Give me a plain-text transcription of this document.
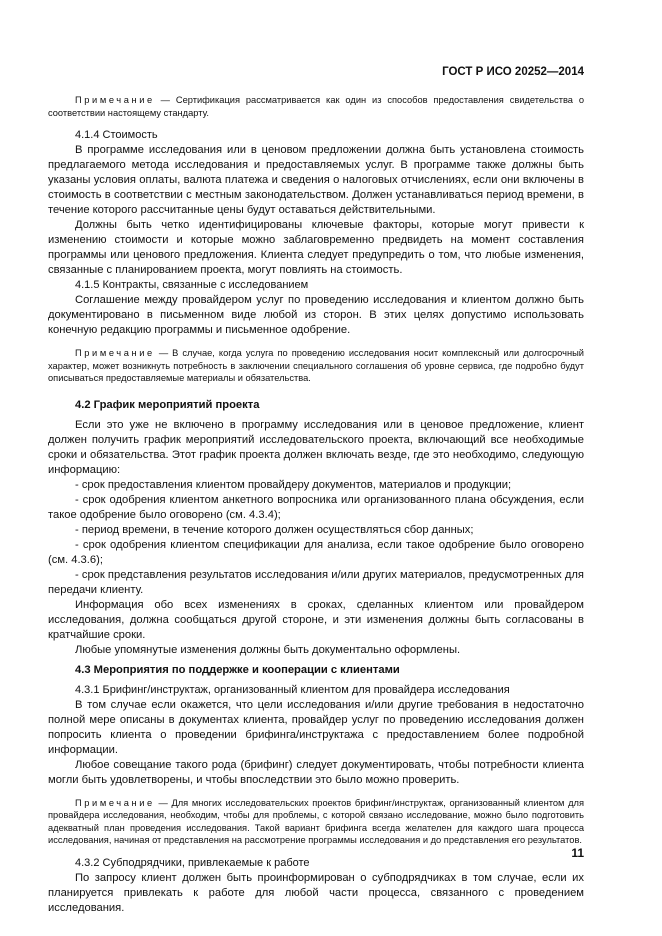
ГОСТ Р ИСО 20252—2014

Примечание — Сертификация рассматривается как один из способов предоставления свидетельства о соответствии настоящему стандарту.

4.1.4 Стоимость

В программе исследования или в ценовом предложении должна быть установлена стоимость предлагаемого метода исследования и предоставляемых услуг. В программе также должны быть указаны условия оплаты, валюта платежа и сведения о налоговых отчислениях, если они включены в стоимость в соответствии с местным законодательством. Должен устанавливаться период времени, в течение которого рассчитанные цены будут оставаться действительными.

Должны быть четко идентифицированы ключевые факторы, которые могут привести к изменению стоимости и которые можно заблаговременно предвидеть на момент составления программы или ценового предложения. Клиента следует предупредить о том, что любые изменения, связанные с планированием проекта, могут повлиять на стоимость.

4.1.5 Контракты, связанные с исследованием

Соглашение между провайдером услуг по проведению исследования и клиентом должно быть документировано в письменном виде любой из сторон. В этих целях допустимо использовать конечную редакцию программы и письменное одобрение.

Примечание — В случае, когда услуга по проведению исследования носит комплексный или долгосрочный характер, может возникнуть потребность в заключении специального соглашения об уровне сервиса, где подробно будут описываться предоставляемые материалы и обязательства.

4.2 График мероприятий проекта

Если это уже не включено в программу исследования или в ценовое предложение, клиент должен получить график мероприятий исследовательского проекта, включающий все необходимые сроки и обязательства. Этот график проекта должен включать везде, где это необходимо, следующую информацию:

- срок предоставления клиентом провайдеру документов, материалов и продукции;

- срок одобрения клиентом анкетного вопросника или организованного плана обсуждения, если такое одобрение было оговорено (см. 4.3.4);

- период времени, в течение которого должен осуществляться сбор данных;

- срок одобрения клиентом спецификации для анализа, если такое одобрение было оговорено (см. 4.3.6);

- срок представления результатов исследования и/или других материалов, предусмотренных для передачи клиенту.

Информация обо всех изменениях в сроках, сделанных клиентом или провайдером исследования, должна сообщаться другой стороне, и эти изменения должны быть согласованы в кратчайшие сроки.

Любые упомянутые изменения должны быть документально оформлены.

4.3 Мероприятия по поддержке и кооперации с клиентами

4.3.1 Брифинг/инструктаж, организованный клиентом для провайдера исследования

В том случае если окажется, что цели исследования и/или другие требования в недостаточно полной мере описаны в документах клиента, провайдер услуг по проведению исследования должен попросить клиента о проведении брифинга/инструктажа с предоставлением более подробной информации.

Любое совещание такого рода (брифинг) следует документировать, чтобы потребности клиента могли быть удовлетворены, и чтобы впоследствии это было можно проверить.

Примечание — Для многих исследовательских проектов брифинг/инструктаж, организованный клиентом для провайдера исследования, необходим, чтобы для проблемы, с которой связано исследование, можно было подготовить адекватный план проведения исследования. Такой вариант брифинга всегда желателен для каждого шага процесса исследования, начиная от представления на рассмотрение программы исследования и до представления его результатов.

4.3.2 Субподрядчики, привлекаемые к работе

По запросу клиент должен быть проинформирован о субподрядчиках в том случае, если их планируется привлекать к работе для любой части процесса, связанного с проведением исследования.

11
